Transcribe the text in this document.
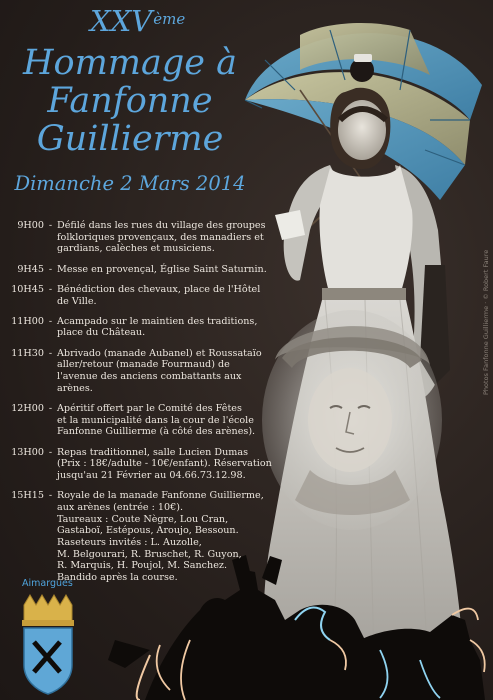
XXVème
Hommage à
Fanfonne
Guillierme
Dimanche 2 Mars 2014
9H00 - Défilé dans les rues du village des groupes
folkloriques provençaux, des manadiers et
gardians, calèches et musiciens.
9H45 - Messe en provençal, Église Saint Saturnin.
10H45 - Bénédiction des chevaux, place de l'Hôtel
de Ville.
11H00 - Acampado sur le maintien des traditions,
place du Château.
11H30 - Abrivado (manade Aubanel) et Roussataïo
aller/retour (manade Fourmaud) de
l'avenue des anciens combattants aux
arènes.
12H00 - Apéritif offert par le Comité des Fêtes
et la municipalité dans la cour de l'école
Fanfonne Guillierme (à côté des arènes).
13H00 - Repas traditionnel, salle Lucien Dumas
(Prix : 18€/adulte - 10€/enfant). Réservation
jusqu'au 21 Février au 04.66.73.12.98.
15H15 - Royale de la manade Fanfonne Guillierme,
aux arènes (entrée : 10€).
Taureaux : Coute Nègre, Lou Cran,
Gastaboï, Estépous, Aroujo, Bessoun.
Raseteurs invités : L. Auzolle,
M. Belgourari, R. Bruschet, R. Guyon,
R. Marquis, H. Poujol, M. Sanchez.
Bandido après la course.
Photos Fanfonne Guillierme · © Robert Faure
Aimargues
